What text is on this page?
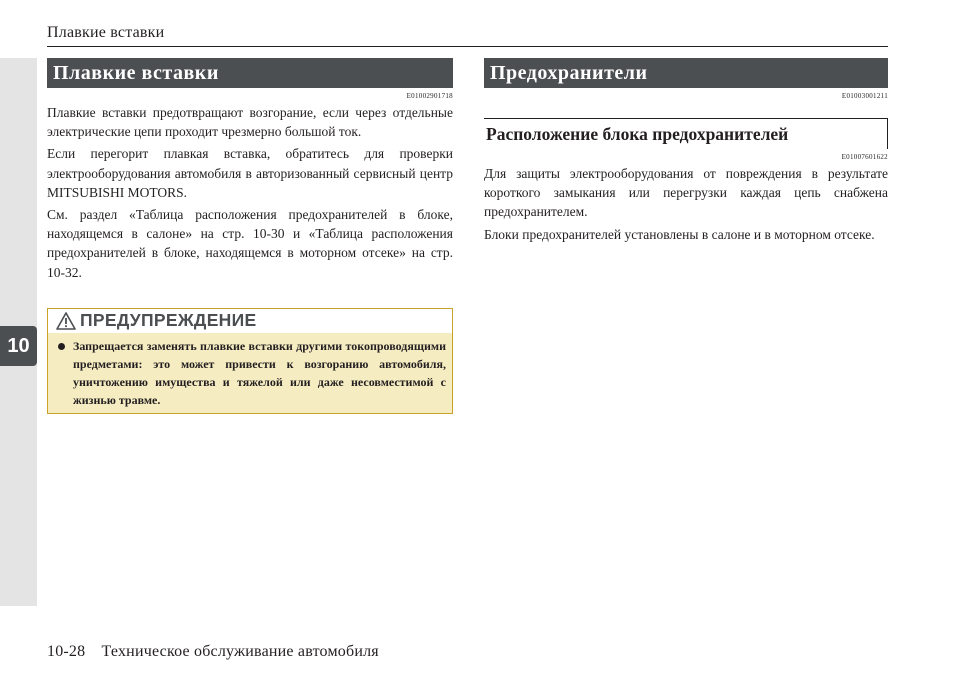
10
Плавкие вставки
Плавкие вставки
E01002901718

Плавкие вставки предотвращают возгорание, если через отдельные электрические цепи проходит чрезмерно большой ток.

Если перегорит плавкая вставка, обратитесь для проверки электрооборудования автомобиля в авторизованный сервисный центр MITSUBISHI MOTORS.

См. раздел «Таблица расположения предохранителей в блоке, находящемся в салоне» на стр. 10-30 и «Таблица расположения предохранителей в блоке, находящемся в моторном отсеке» на стр. 10-32.

ПРЕДУПРЕЖДЕНИЕ
Запрещается заменять плавкие вставки другими токопроводящими предметами: это может привести к возгоранию автомобиля, уничтожению имущества и тяжелой или даже несовместимой с жизнью травме.
Предохранители
E01003001211
Расположение блока предохранителей
E01007601622

Для защиты электрооборудования от повреждения в результате короткого замыкания или перегрузки каждая цепь снабжена предохранителем.

Блоки предохранителей установлены в салоне и в моторном отсеке.

10-28 Техническое обслуживание автомобиля
